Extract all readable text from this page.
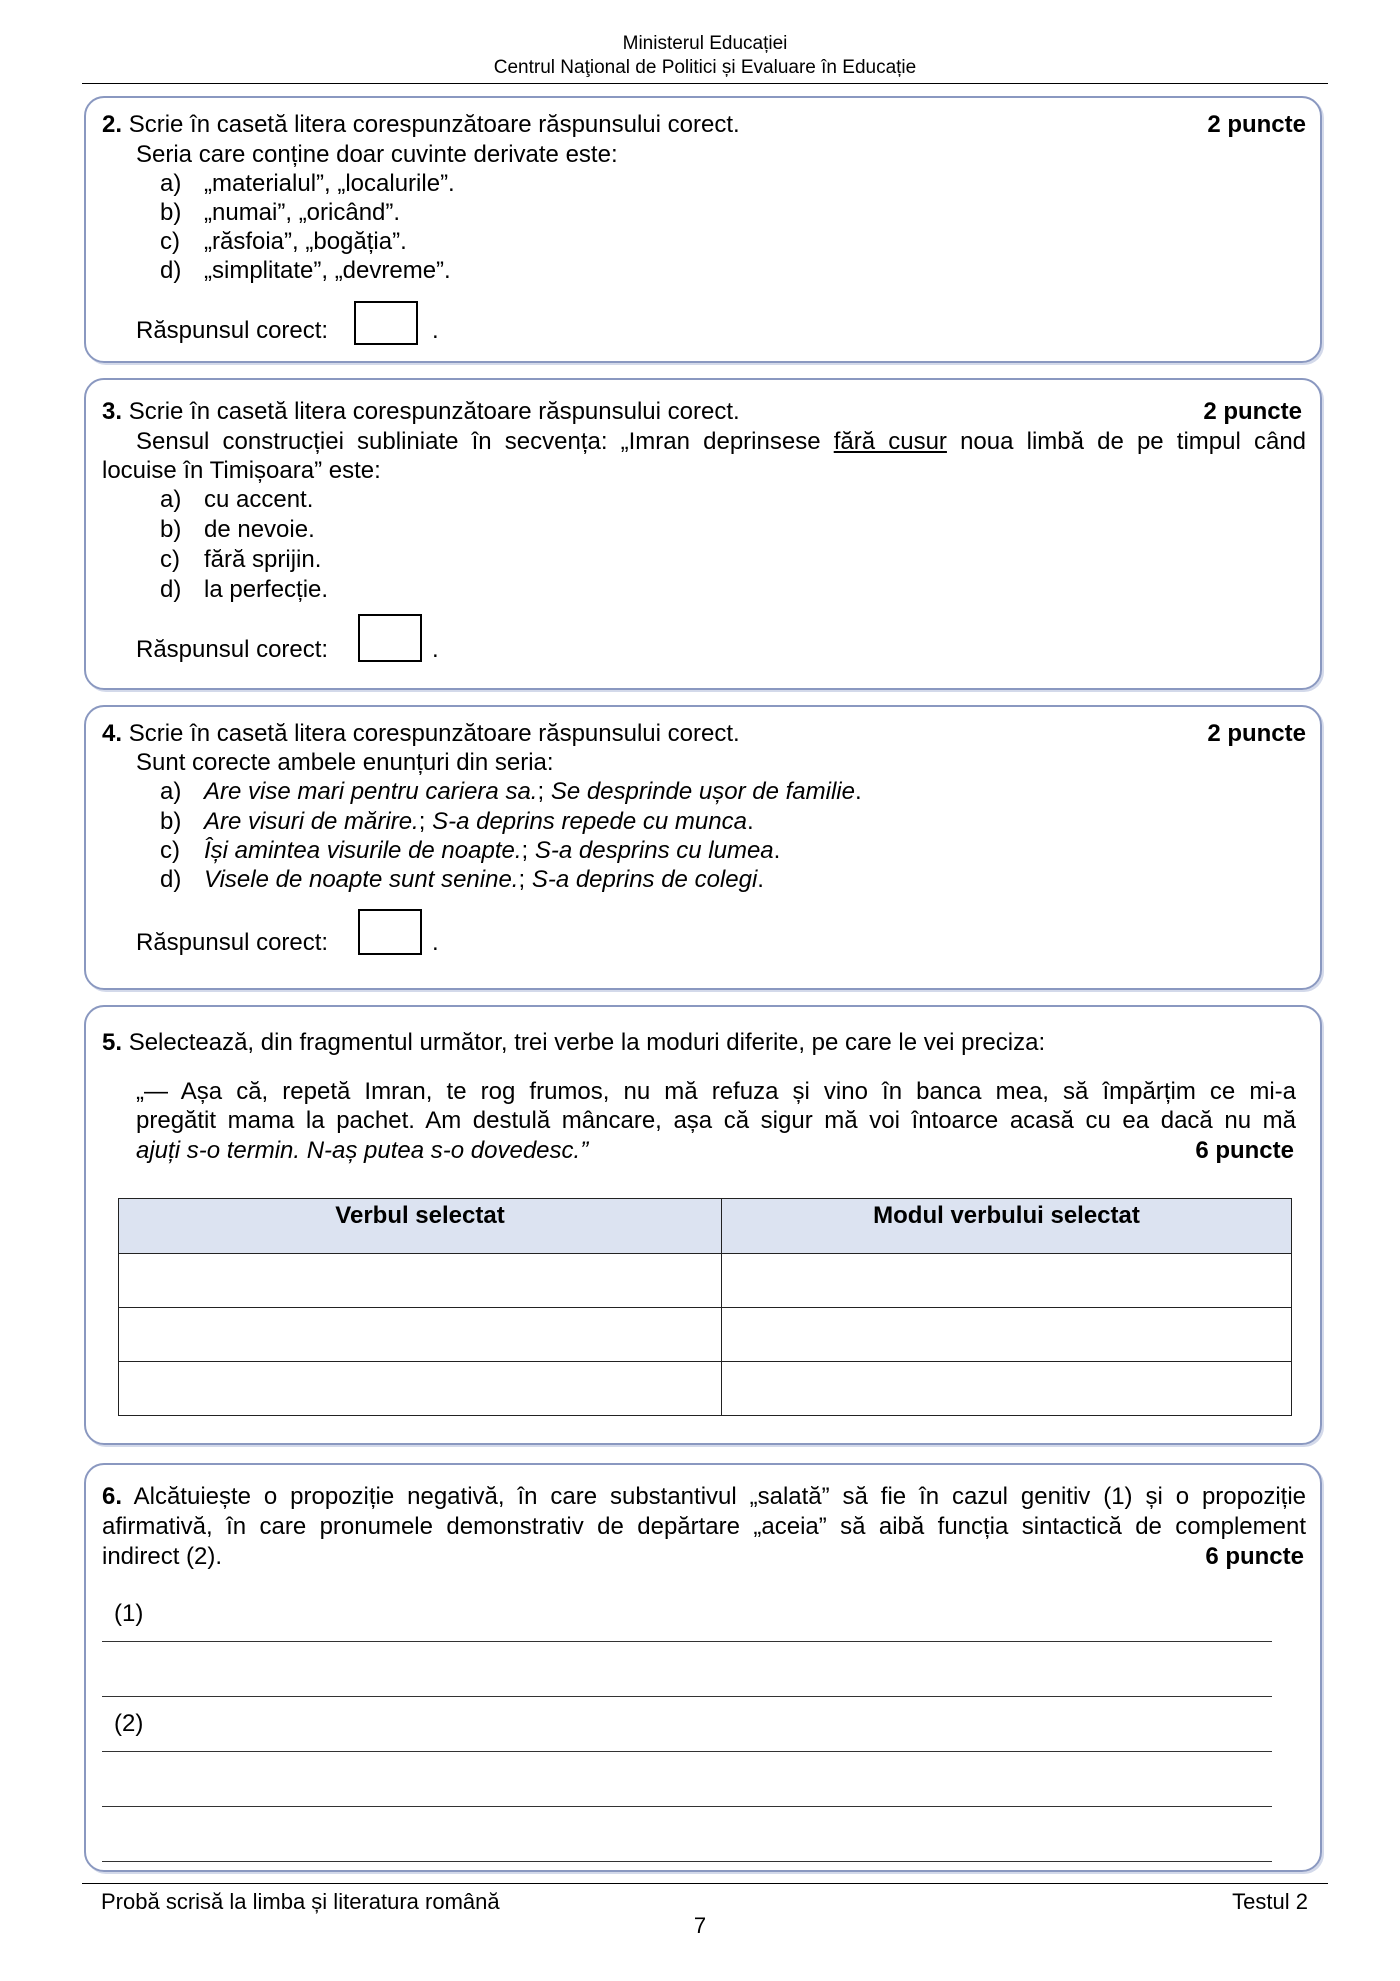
Ministerul Educației
Centrul Naţional de Politici și Evaluare în Educație
2. Scrie în casetă litera corespunzătoare răspunsului corect.	2 puncte
Seria care conține doar cuvinte derivate este:
a) „materialul”, „localurile”.
b) „numai”, „oricând”.
c) „răsfoia”, „bogăția”.
d) „simplitate”, „devreme”.
Răspunsul corect:	.
3. Scrie în casetă litera corespunzătoare răspunsului corect.	2 puncte
Sensul construcției subliniate în secvența: „Imran deprinsese fără cusur noua limbă de pe timpul când
locuise în Timișoara” este:
a) cu accent.
b) de nevoie.
c) fără sprijin.
d) la perfecție.
Răspunsul corect:	.
4. Scrie în casetă litera corespunzătoare răspunsului corect.	2 puncte
Sunt corecte ambele enunțuri din seria:
a) Are vise mari pentru cariera sa.; Se desprinde ușor de familie.
b) Are visuri de mărire.; S-a deprins repede cu munca.
c) Își amintea visurile de noapte.; S-a desprins cu lumea.
d) Visele de noapte sunt senine.; S-a deprins de colegi.
Răspunsul corect:	.
5. Selectează, din fragmentul următor, trei verbe la moduri diferite, pe care le vei preciza:
„— Așa că, repetă Imran, te rog frumos, nu mă refuza și vino în banca mea, să împărțim ce mi-a
pregătit mama la pachet. Am destulă mâncare, așa că sigur mă voi întoarce acasă cu ea dacă nu mă
ajuți s-o termin. N-aș putea s-o dovedesc.”	6 puncte
Verbul selectat	Modul verbului selectat

6. Alcătuiește o propoziție negativă, în care substantivul „salată” să fie în cazul genitiv (1) și o propoziție
afirmativă, în care pronumele demonstrativ de depărtare „aceia” să aibă funcția sintactică de complement
indirect (2).	6 puncte
(1)
(2)
Probă scrisă la limba și literatura română	Testul 2
7
